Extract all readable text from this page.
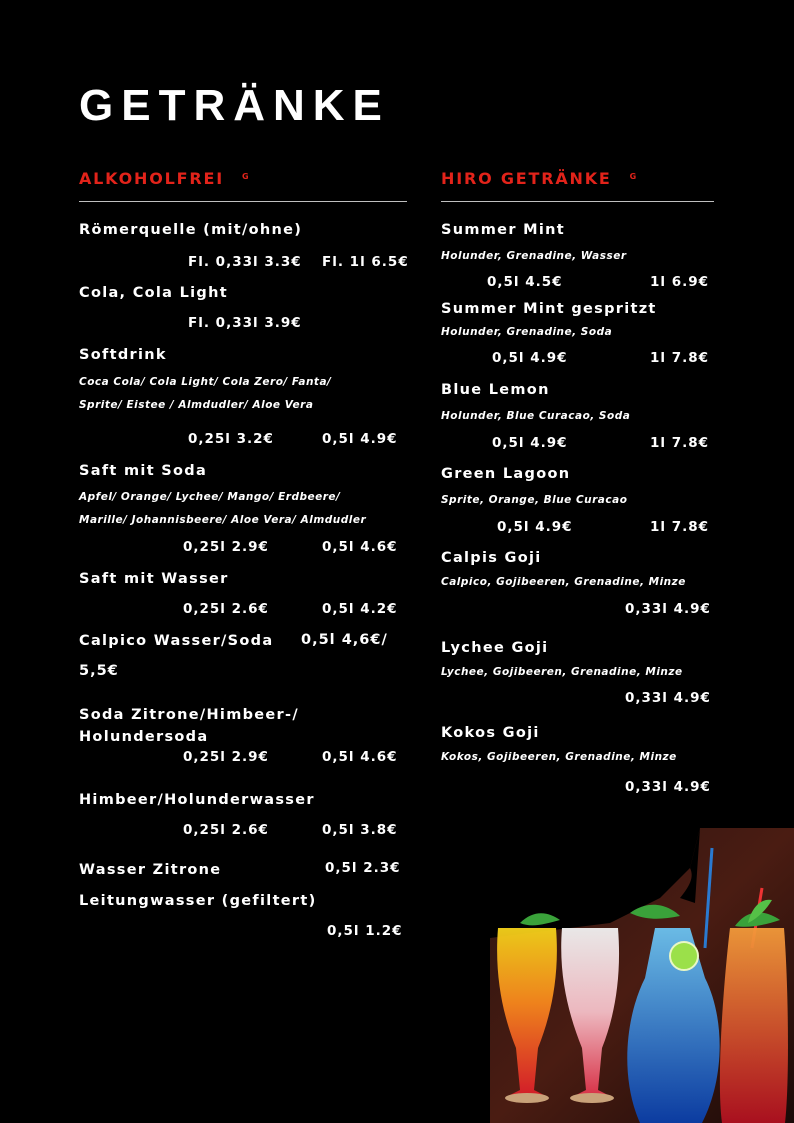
GETRÄNKE
ALKOHOLFREI $^G$	HIRO GETRÄNKE $^G$
Römerquelle (mit/ohne)
Fl. 0,33l 3.3€ Fl. 1l 6.5€
Cola, Cola Light
Fl. 0,33l 3.9€
Softdrink
Coca Cola/ Cola Light/ Cola Zero/ Fanta/
Sprite/ Eistee / Almdudler/ Aloe Vera
0,25l 3.2€	0,5l 4.9€
Saft mit Soda
Apfel/ Orange/ Lychee/ Mango/ Erdbeere/
Marille/ Johannisbeere/ Aloe Vera/ Almdudler
0,25l 2.9€	0,5l 4.6€
Saft mit Wasser
0,25l 2.6€	0,5l 4.2€
Calpico Wasser/Soda 0,5l 4,6€/
5,5€
Soda Zitrone/Himbeer-/ Holundersoda
0,25l 2.9€	0,5l 4.6€
Himbeer/Holunderwasser
0,25l 2.6€	0,5l 3.8€
Wasser Zitrone	0,5l 2.3€
Leitungwasser (gefiltert)
0,5l 1.2€
Summer Mint
Holunder, Grenadine, Wasser
0,5l 4.5€	1l 6.9€
Summer Mint gespritzt
Holunder, Grenadine, Soda
0,5l 4.9€	1l 7.8€
Blue Lemon
Holunder, Blue Curacao, Soda
0,5l 4.9€	1l 7.8€
Green Lagoon
Sprite, Orange, Blue Curacao
0,5l 4.9€	1l 7.8€
Calpis Goji
Calpico, Gojibeeren, Grenadine, Minze
0,33l 4.9€
Lychee Goji
Lychee, Gojibeeren, Grenadine, Minze
0,33l 4.9€
Kokos Goji
Kokos, Gojibeeren, Grenadine, Minze
0,33l 4.9€
